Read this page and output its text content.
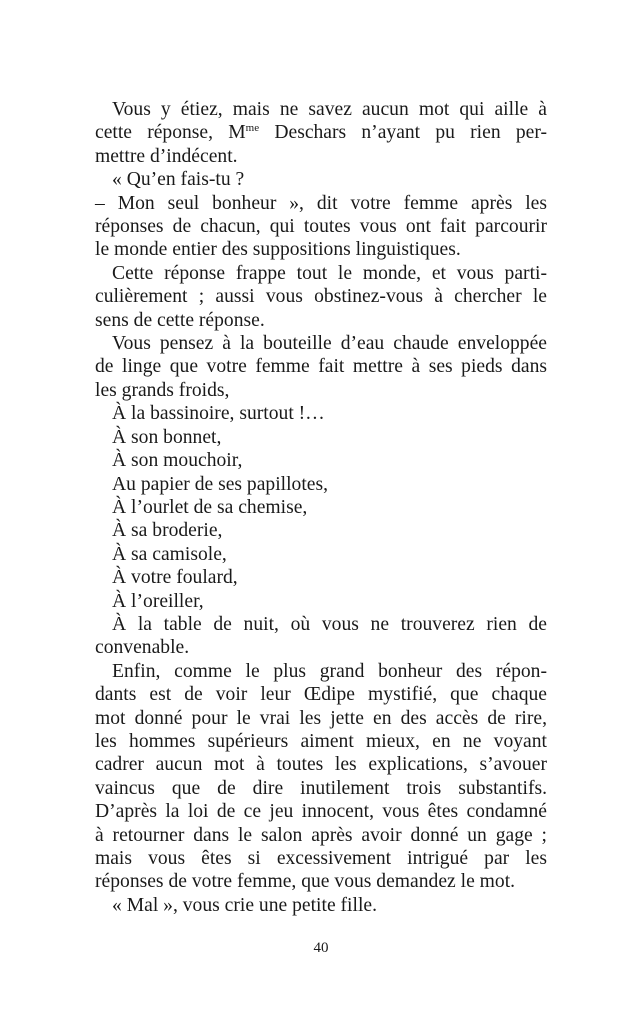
Vous y étiez, mais ne savez aucun mot qui aille à

cette réponse, $M^{me}$ Deschars n’ayant pu rien per-

mettre d’indécent.

« Qu’en fais-tu ?

– Mon seul bonheur », dit votre femme après les

réponses de chacun, qui toutes vous ont fait parcourir

le monde entier des suppositions linguistiques.

Cette réponse frappe tout le monde, et vous parti-

culièrement ; aussi vous obstinez-vous à chercher le

sens de cette réponse.

Vous pensez à la bouteille d’eau chaude enveloppée

de linge que votre femme fait mettre à ses pieds dans

les grands froids,

À la bassinoire, surtout !…

À son bonnet,

À son mouchoir,

Au papier de ses papillotes,

À l’ourlet de sa chemise,

À sa broderie,

À sa camisole,

À votre foulard,

À l’oreiller,

À la table de nuit, où vous ne trouverez rien de

convenable.

Enfin, comme le plus grand bonheur des répon-

dants est de voir leur Œdipe mystifié, que chaque

mot donné pour le vrai les jette en des accès de rire,

les hommes supérieurs aiment mieux, en ne voyant

cadrer aucun mot à toutes les explications, s’avouer

vaincus que de dire inutilement trois substantifs.

D’après la loi de ce jeu innocent, vous êtes condamné

à retourner dans le salon après avoir donné un gage ;

mais vous êtes si excessivement intrigué par les

réponses de votre femme, que vous demandez le mot.

« Mal », vous crie une petite fille.

40
